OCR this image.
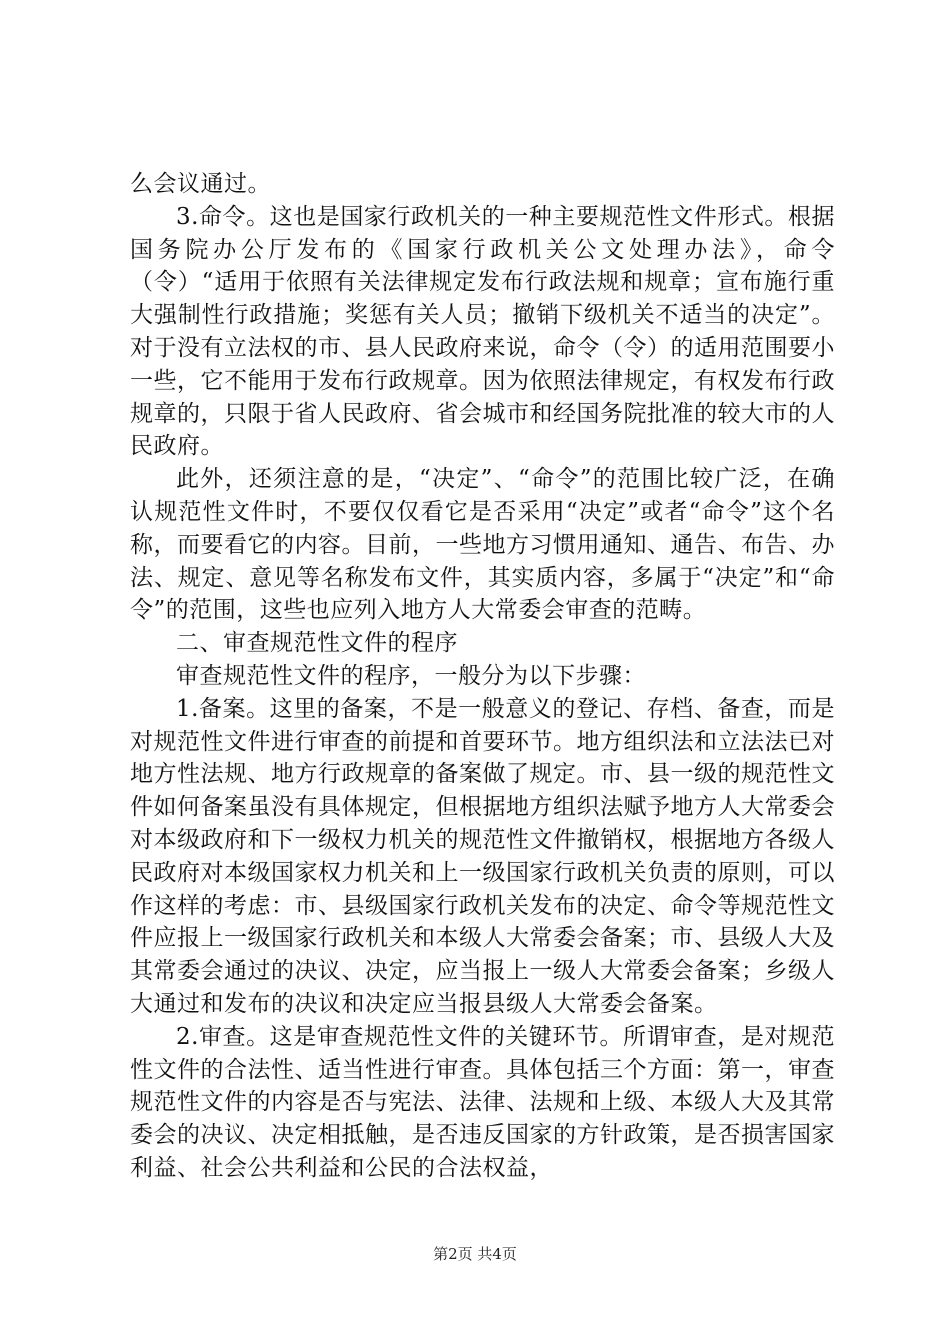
么会议通过。

3.命令。这也是国家行政机关的一种主要规范性文件形式。根据国务院办公厅发布的《国家行政机关公文处理办法》，命令（令）“适用于依照有关法律规定发布行政法规和规章；宣布施行重大强制性行政措施；奖惩有关人员；撤销下级机关不适当的决定”。对于没有立法权的市、县人民政府来说，命令（令）的适用范围要小一些，它不能用于发布行政规章。因为依照法律规定，有权发布行政规章的，只限于省人民政府、省会城市和经国务院批准的较大市的人民政府。

此外，还须注意的是，“决定”、“命令”的范围比较广泛，在确认规范性文件时，不要仅仅看它是否采用“决定”或者“命令”这个名称，而要看它的内容。目前，一些地方习惯用通知、通告、布告、办法、规定、意见等名称发布文件，其实质内容，多属于“决定”和“命令”的范围，这些也应列入地方人大常委会审查的范畴。

二、审查规范性文件的程序

审查规范性文件的程序，一般分为以下步骤：

1.备案。这里的备案，不是一般意义的登记、存档、备查，而是对规范性文件进行审查的前提和首要环节。地方组织法和立法法已对地方性法规、地方行政规章的备案做了规定。市、县一级的规范性文件如何备案虽没有具体规定，但根据地方组织法赋予地方人大常委会对本级政府和下一级权力机关的规范性文件撤销权，根据地方各级人民政府对本级国家权力机关和上一级国家行政机关负责的原则，可以作这样的考虑：市、县级国家行政机关发布的决定、命令等规范性文件应报上一级国家行政机关和本级人大常委会备案；市、县级人大及其常委会通过的决议、决定，应当报上一级人大常委会备案；乡级人大通过和发布的决议和决定应当报县级人大常委会备案。

2.审查。这是审查规范性文件的关键环节。所谓审查，是对规范性文件的合法性、适当性进行审查。具体包括三个方面：第一，审查规范性文件的内容是否与宪法、法律、法规和上级、本级人大及其常委会的决议、决定相抵触，是否违反国家的方针政策，是否损害国家利益、社会公共利益和公民的合法权益，

第2页 共4页
